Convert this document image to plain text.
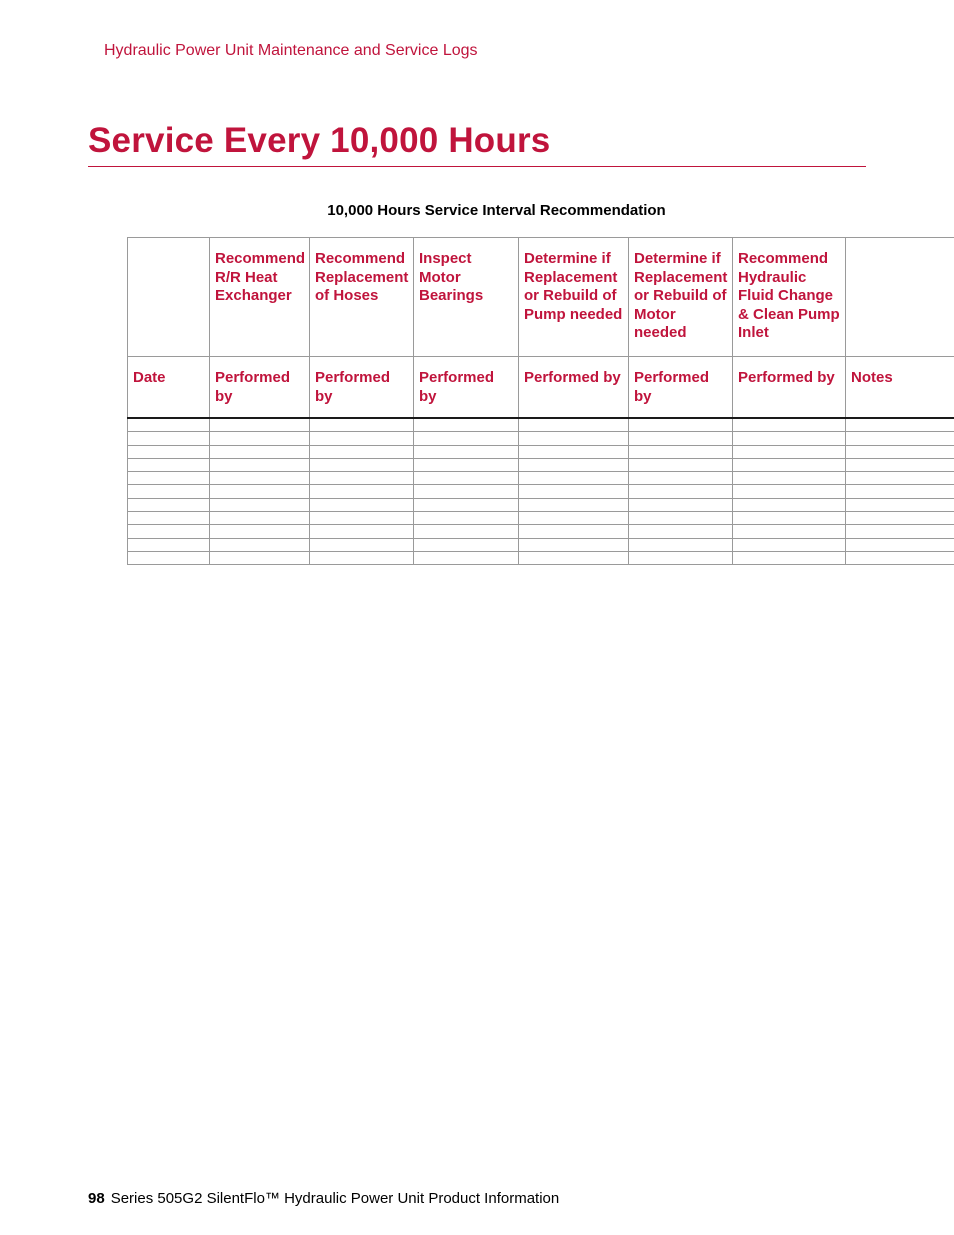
Hydraulic Power Unit Maintenance and Service Logs
Service Every 10,000 Hours
10,000 Hours Service Interval Recommendation
	Recommend R/R Heat Exchanger	Recommend Replacement of Hoses	Inspect Motor Bearings	Determine if Replacement or Rebuild of Pump needed	Determine if Replacement or Rebuild of Motor needed	Recommend Hydraulic Fluid Change & Clean Pump Inlet	
Date	Performed by	Performed by	Performed by	Performed by	Performed by	Performed by	Notes

98 Series 505G2 SilentFlo™ Hydraulic Power Unit Product Information
